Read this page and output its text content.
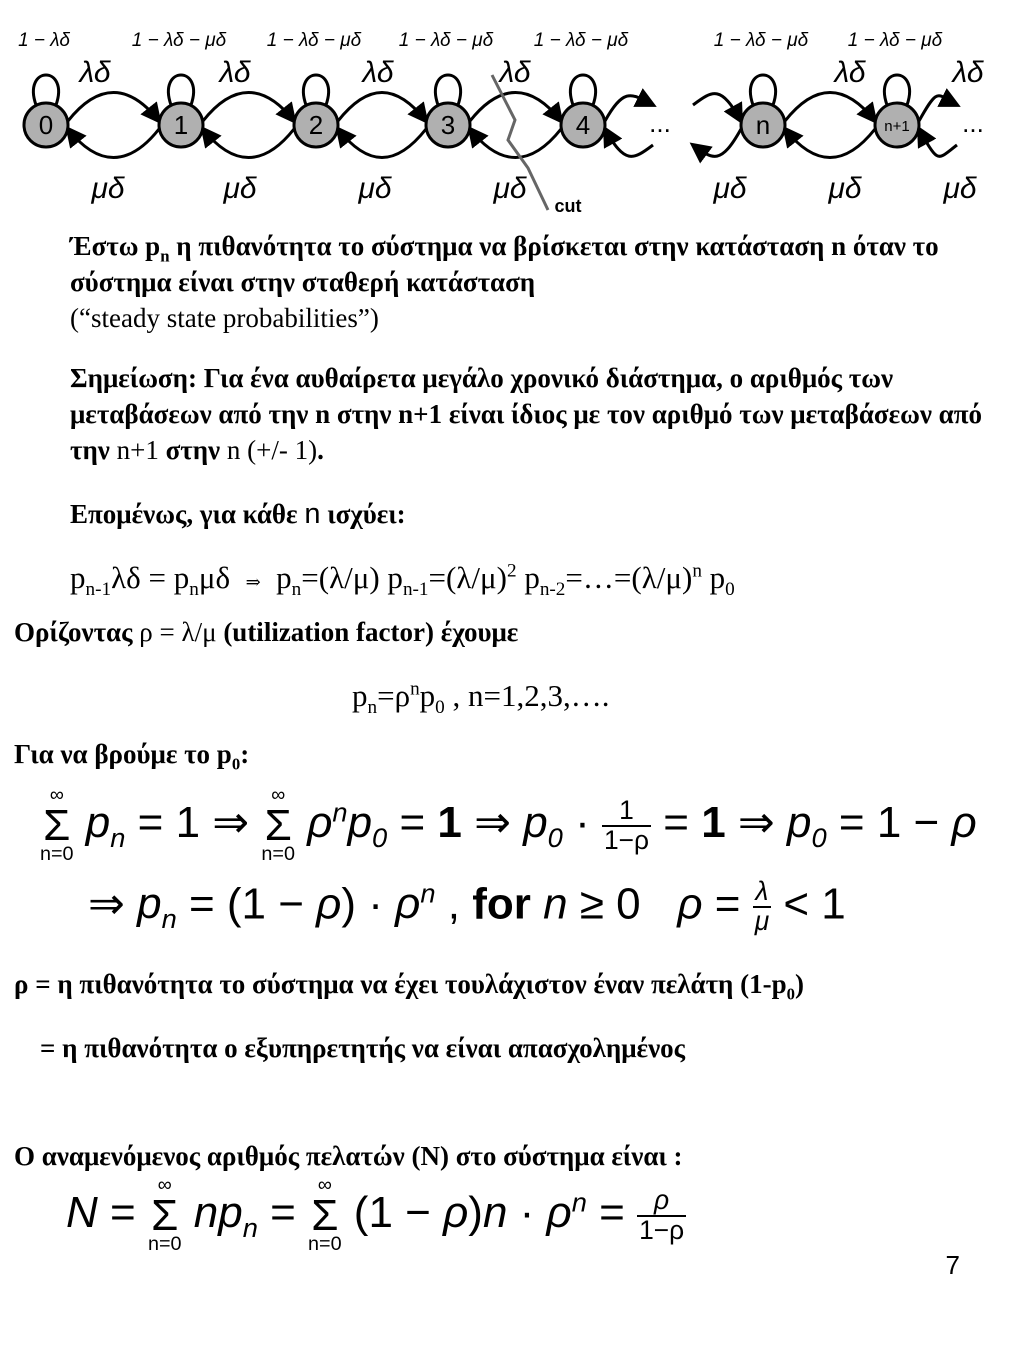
0
1 − λδ
1
1 − λδ − μδ
2
1 − λδ − μδ
3
1 − λδ − μδ
4
1 − λδ − μδ
n
1 − λδ − μδ
n+1
1 − λδ − μδ
λδ	λδ	λδ	λδ	λδ	λδ
μδ	μδ	μδ	μδ	μδ	μδ	μδ
...	...
cut
Έστω $p_n$ η πιθανότητα το σύστημα να βρίσκεται στην κατάσταση n όταν το σύστημα είναι στην σταθερή κατάσταση
(“steady state probabilities”)
Σημείωση: Για ένα αυθαίρετα μεγάλο χρονικό διάστημα, ο αριθμός των μεταβάσεων από την n στην n+1 είναι ίδιος με τον αριθμό των μεταβάσεων από την n+1 στην n (+/- 1).
Επομένως, για κάθε n ισχύει:
$p_{n-1}\lambda\delta = p_n\mu\delta$  ⇒  $p_n=(\lambda/\mu)$ $p_{n-1}=(\lambda/\mu)^2$ $p_{n-2}=\dots=(\lambda/\mu)^n$ $p_0$
Ορίζοντας ρ = λ/μ (utilization factor) έχουμε
$p_n=\rho^np_0$ , n=1,2,3,….
Για να βρούμε το $p_0$:
∞
Σ
n=0
$p_n = 1$ ⇒
∞
Σ
n=0
$\rho^np_0 = 1$ ⇒ $p_0 \cdot \frac{1}{1-\rho} = 1$ ⇒ $p_0 = 1 - \rho$
⇒ $p_n = (1 - \rho) \cdot \rho^n$ , for n ≥ 0   $\rho = \frac{\lambda}{\mu} < 1$
ρ = η πιθανότητα το σύστημα να έχει τουλάχιστον έναν πελάτη $(1-p_0)$
= η πιθανότητα ο εξυπηρετητής να είναι απασχολημένος
Ο αναμενόμενος αριθμός πελατών (N) στο σύστημα είναι :
N =
∞
Σ
n=0
$np_n$ =
∞
Σ
n=0
$(1 - \rho)n \cdot \rho^n = \frac{\rho}{1-\rho}$
7
